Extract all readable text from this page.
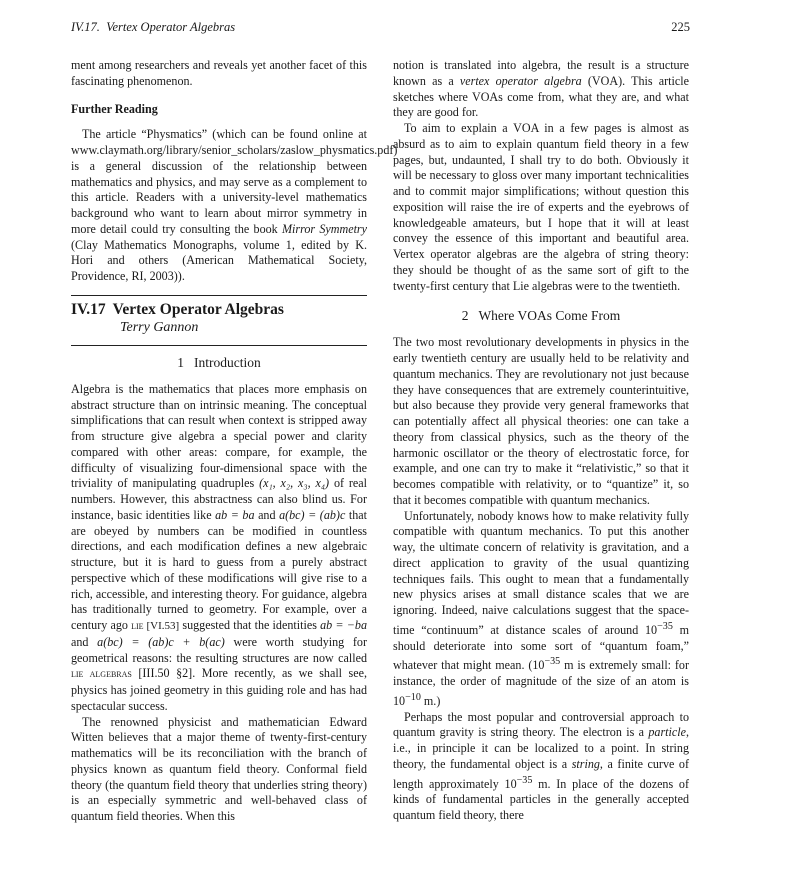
IV.17. Vertex Operator Algebras	225

ment among researchers and reveals yet another facet of this fascinating phenomenon.

Further Reading

The article “Physmatics” (which can be found online at www.claymath.org/library/senior_scholars/zaslow_physmatics.pdf) is a general discussion of the relationship between mathematics and physics, and may serve as a complement to this article. Readers with a university-level mathematics background who want to learn about mirror symmetry in more detail could try consulting the book Mirror Symmetry (Clay Mathematics Monographs, volume 1, edited by K. Hori and others (American Mathematical Society, Providence, RI, 2003)).

IV.17 Vertex Operator Algebras
Terry Gannon
1 Introduction

Algebra is the mathematics that places more emphasis on abstract structure than on intrinsic meaning. The conceptual simplifications that can result when context is stripped away from structure give algebra a special power and clarity compared with other areas: compare, for example, the difficulty of visualizing four-dimensional space with the triviality of manipulating quadruples (x₁, x₂, x₃, x₄) of real numbers. However, this abstractness can also blind us. For instance, basic identities like ab = ba and a(bc) = (ab)c that are obeyed by numbers can be modified in countless directions, and each modification defines a new algebraic structure, but it is hard to guess from a purely abstract perspective which of these modifications will give rise to a rich, accessible, and interesting theory. For guidance, algebra has traditionally turned to geometry. For example, over a century ago lie [VI.53] suggested that the identities ab = −ba and a(bc) = (ab)c + b(ac) were worth studying for geometrical reasons: the resulting structures are now called lie algebras [III.50 §2]. More recently, as we shall see, physics has joined geometry in this guiding role and has had spectacular success.

The renowned physicist and mathematician Edward Witten believes that a major theme of twenty-first-century mathematics will be its reconciliation with the branch of physics known as quantum field theory. Conformal field theory (the quantum field theory that underlies string theory) is an especially symmetric and well-behaved class of quantum field theories. When this

notion is translated into algebra, the result is a structure known as a vertex operator algebra (VOA). This article sketches where VOAs come from, what they are, and what they are good for.

To aim to explain a VOA in a few pages is almost as absurd as to aim to explain quantum field theory in a few pages, but, undaunted, I shall try to do both. Obviously it will be necessary to gloss over many important technicalities and to commit major simplifications; without question this exposition will raise the ire of experts and the eyebrows of knowledgeable amateurs, but I hope that it will at least convey the essence of this important and beautiful area. Vertex operator algebras are the algebra of string theory: they should be thought of as the same sort of gift to the twenty-first century that Lie algebras were to the twentieth.

2 Where VOAs Come From

The two most revolutionary developments in physics in the early twentieth century are usually held to be relativity and quantum mechanics. They are revolutionary not just because they have consequences that are extremely counterintuitive, but also because they provide very general frameworks that can potentially affect all physical theories: one can take a theory from classical physics, such as the theory of the harmonic oscillator or the theory of electrostatic force, for example, and one can try to make it “relativistic,” so that it becomes compatible with relativity, or to “quantize” it, so that it becomes compatible with quantum mechanics.

Unfortunately, nobody knows how to make relativity fully compatible with quantum mechanics. To put this another way, the ultimate concern of relativity is gravitation, and a direct application to gravity of the usual quantizing techniques fails. This ought to mean that a fundamentally new physics arises at small distance scales that we are ignoring. Indeed, naive calculations suggest that the space-time “continuum” at distance scales of around $10^{-35}$ m should deteriorate into some sort of “quantum foam,” whatever that might mean. ($10^{-35}$ m is extremely small: for instance, the order of magnitude of the size of an atom is $10^{-10}$ m.)

Perhaps the most popular and controversial approach to quantum gravity is string theory. The electron is a particle, i.e., in principle it can be localized to a point. In string theory, the fundamental object is a string, a finite curve of length approximately $10^{-35}$ m. In place of the dozens of kinds of fundamental particles in the generally accepted quantum field theory, there
